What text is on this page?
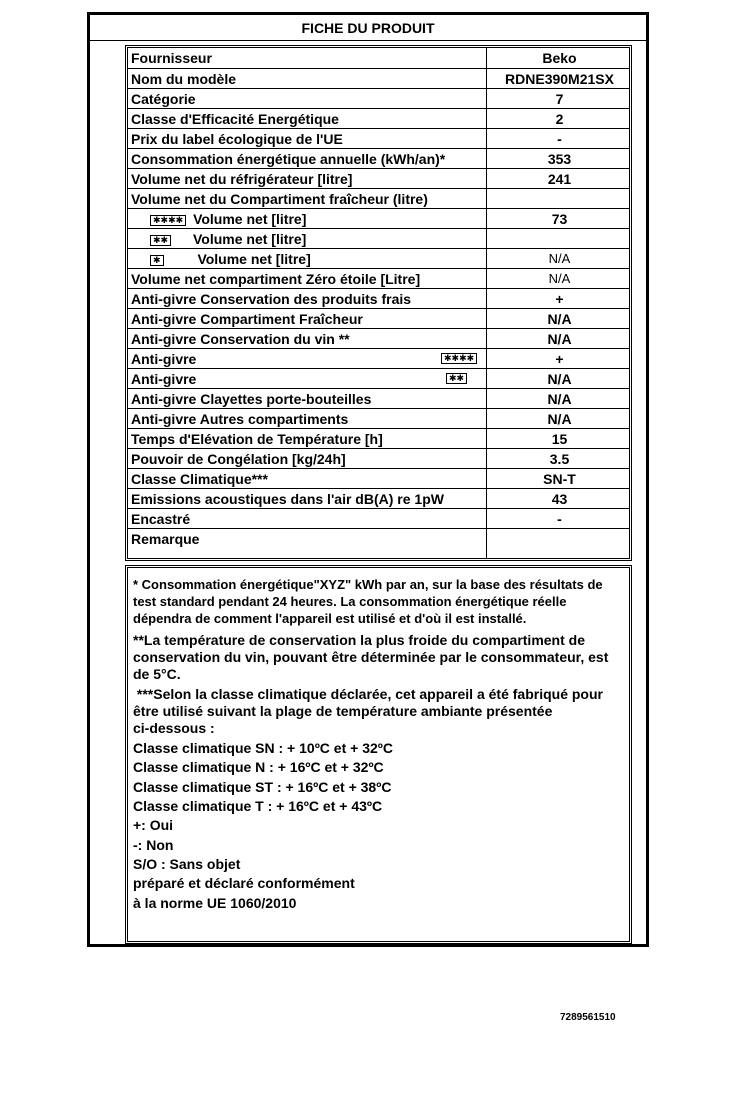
FICHE DU PRODUIT
Fournisseur	Beko
Nom du modèle	RDNE390M21SX
Catégorie	7
Classe d'Efficacité Energétique	2
Prix du label écologique de l'UE	-
Consommation énergétique annuelle (kWh/an)*	353
Volume net du réfrigérateur [litre]	241
Volume net du Compartiment fraîcheur (litre)
✱✱✱✱ Volume net [litre]	73
✱✱ Volume net [litre]
✱	Volume net [litre]	N/A
Volume net compartiment Zéro étoile [Litre]	N/A
Anti-givre Conservation des produits frais	+
Anti-givre Compartiment Fraîcheur	N/A
Anti-givre Conservation du vin **	N/A
Anti-givre	✱✱✱✱	+
Anti-givre	✱✱	N/A
Anti-givre Clayettes porte-bouteilles	N/A
Anti-givre Autres compartiments	N/A
Temps d'Elévation de Température [h]	15
Pouvoir de Congélation [kg/24h]	3.5
Classe Climatique***	SN-T
Emissions acoustiques dans l'air dB(A) re 1pW	43
Encastré	-
Remarque
* Consommation énergétique"XYZ" kWh par an, sur la base des résultats de
test standard pendant 24 heures. La consommation énergétique réelle
dépendra de comment l'appareil est utilisé et d'où il est installé.
**La température de conservation la plus froide du compartiment de
conservation du vin, pouvant être déterminée par le consommateur, est
de 5°C.
***Selon la classe climatique déclarée, cet appareil a été fabriqué pour
être utilisé suivant la plage de température ambiante présentée
ci-dessous :
Classe climatique SN : + 10ºC et + 32ºC
Classe climatique N : + 16ºC et + 32ºC
Classe climatique ST : + 16ºC et + 38ºC
Classe climatique T : + 16ºC et + 43ºC
+: Oui
-: Non
S/O : Sans objet
préparé et déclaré conformément
à la norme UE 1060/2010
7289561510
